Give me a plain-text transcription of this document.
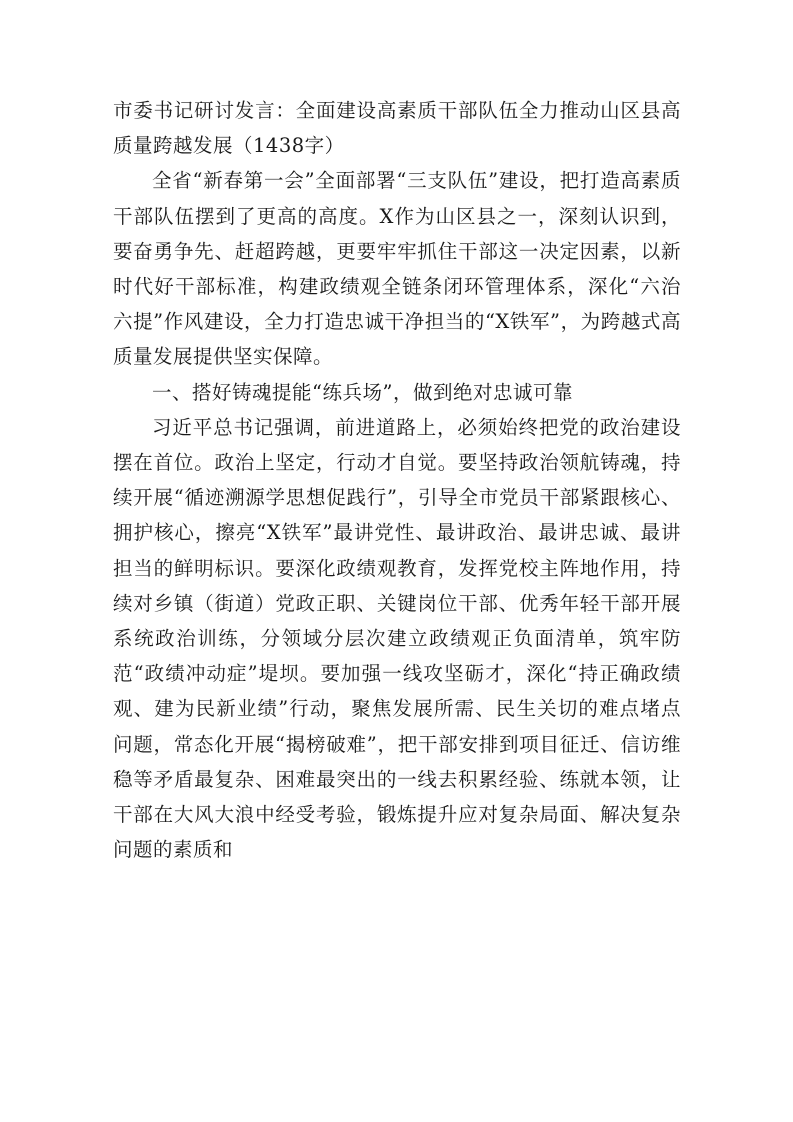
市委书记研讨发言：全面建设高素质干部队伍全力推动山区县高质量跨越发展（1438字）

全省“新春第一会”全面部署“三支队伍”建设，把打造高素质干部队伍摆到了更高的高度。X作为山区县之一，深刻认识到，要奋勇争先、赶超跨越，更要牢牢抓住干部这一决定因素，以新时代好干部标准，构建政绩观全链条闭环管理体系，深化“六治六提”作风建设，全力打造忠诚干净担当的“X铁军”，为跨越式高质量发展提供坚实保障。

一、搭好铸魂提能“练兵场”，做到绝对忠诚可靠

习近平总书记强调，前进道路上，必须始终把党的政治建设摆在首位。政治上坚定，行动才自觉。要坚持政治领航铸魂，持续开展“循迹溯源学思想促践行”，引导全市党员干部紧跟核心、拥护核心，擦亮“X铁军”最讲党性、最讲政治、最讲忠诚、最讲担当的鲜明标识。要深化政绩观教育，发挥党校主阵地作用，持续对乡镇（街道）党政正职、关键岗位干部、优秀年轻干部开展系统政治训练，分领域分层次建立政绩观正负面清单，筑牢防范“政绩冲动症”堤坝。要加强一线攻坚砺才，深化“持正确政绩观、建为民新业绩”行动，聚焦发展所需、民生关切的难点堵点问题，常态化开展“揭榜破难”，把干部安排到项目征迁、信访维稳等矛盾最复杂、困难最突出的一线去积累经验、练就本领，让干部在大风大浪中经受考验，锻炼提升应对复杂局面、解决复杂问题的素质和
